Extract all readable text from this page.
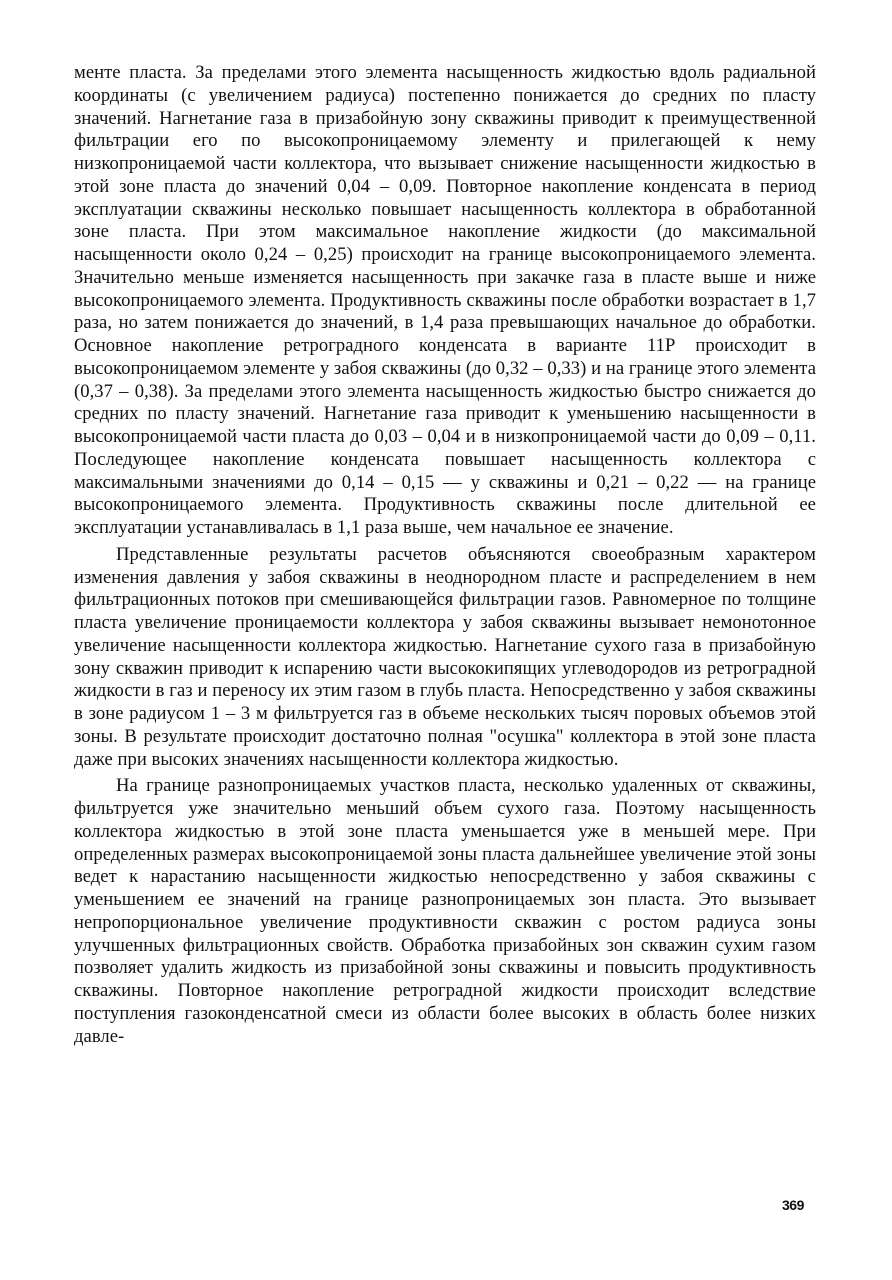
менте пласта. За пределами этого элемента насыщенность жидкостью вдоль радиальной координаты (с увеличением радиуса) постепенно понижается до средних по пласту значений. Нагнетание газа в призабойную зону скважины приводит к преимущественной фильтрации его по высокопроницаемому элементу и прилегающей к нему низкопроницаемой части коллектора, что вызывает снижение насыщенности жидкостью в этой зоне пласта до значений 0,04 – 0,09. Повторное накопление конденсата в период эксплуатации скважины несколько повышает насыщенность коллектора в обработанной зоне пласта. При этом максимальное накопление жидкости (до максимальной насыщенности около 0,24 – 0,25) происходит на границе высокопроницаемого элемента. Значительно меньше изменяется насыщенность при закачке газа в пласте выше и ниже высокопроницаемого элемента. Продуктивность скважины после обработки возрастает в 1,7 раза, но затем понижается до значений, в 1,4 раза превышающих начальное до обработки. Основное накопление ретроградного конденсата в варианте 11Р происходит в высокопроницаемом элементе у забоя скважины (до 0,32 – 0,33) и на границе этого элемента (0,37 – 0,38). За пределами этого элемента насыщенность жидкостью быстро снижается до средних по пласту значений. Нагнетание газа приводит к уменьшению насыщенности в высокопроницаемой части пласта до 0,03 – 0,04 и в низкопроницаемой части до 0,09 – 0,11. Последующее накопление конденсата повышает насыщенность коллектора с максимальными значениями до 0,14 – 0,15 — у скважины и 0,21 – 0,22 — на границе высокопроницаемого элемента. Продуктивность скважины после длительной ее эксплуатации устанавливалась в 1,1 раза выше, чем начальное ее значение.

Представленные результаты расчетов объясняются своеобразным характером изменения давления у забоя скважины в неоднородном пласте и распределением в нем фильтрационных потоков при смешивающейся фильтрации газов. Равномерное по толщине пласта увеличение проницаемости коллектора у забоя скважины вызывает немонотонное увеличение насыщенности коллектора жидкостью. Нагнетание сухого газа в призабойную зону скважин приводит к испарению части высококипящих углеводородов из ретроградной жидкости в газ и переносу их этим газом в глубь пласта. Непосредственно у забоя скважины в зоне радиусом 1 – 3 м фильтруется газ в объеме нескольких тысяч поровых объемов этой зоны. В результате происходит достаточно полная "осушка" коллектора в этой зоне пласта даже при высоких значениях насыщенности коллектора жидкостью.

На границе разнопроницаемых участков пласта, несколько удаленных от скважины, фильтруется уже значительно меньший объем сухого газа. Поэтому насыщенность коллектора жидкостью в этой зоне пласта уменьшается уже в меньшей мере. При определенных размерах высокопроницаемой зоны пласта дальнейшее увеличение этой зоны ведет к нарастанию насыщенности жидкостью непосредственно у забоя скважины с уменьшением ее значений на границе разнопроницаемых зон пласта. Это вызывает непропорциональное увеличение продуктивности скважин с ростом радиуса зоны улучшенных фильтрационных свойств. Обработка призабойных зон скважин сухим газом позволяет удалить жидкость из призабойной зоны скважины и повысить продуктивность скважины. Повторное накопление ретроградной жидкости происходит вследствие поступления газоконденсатной смеси из области более высоких в область более низких давле-

369
